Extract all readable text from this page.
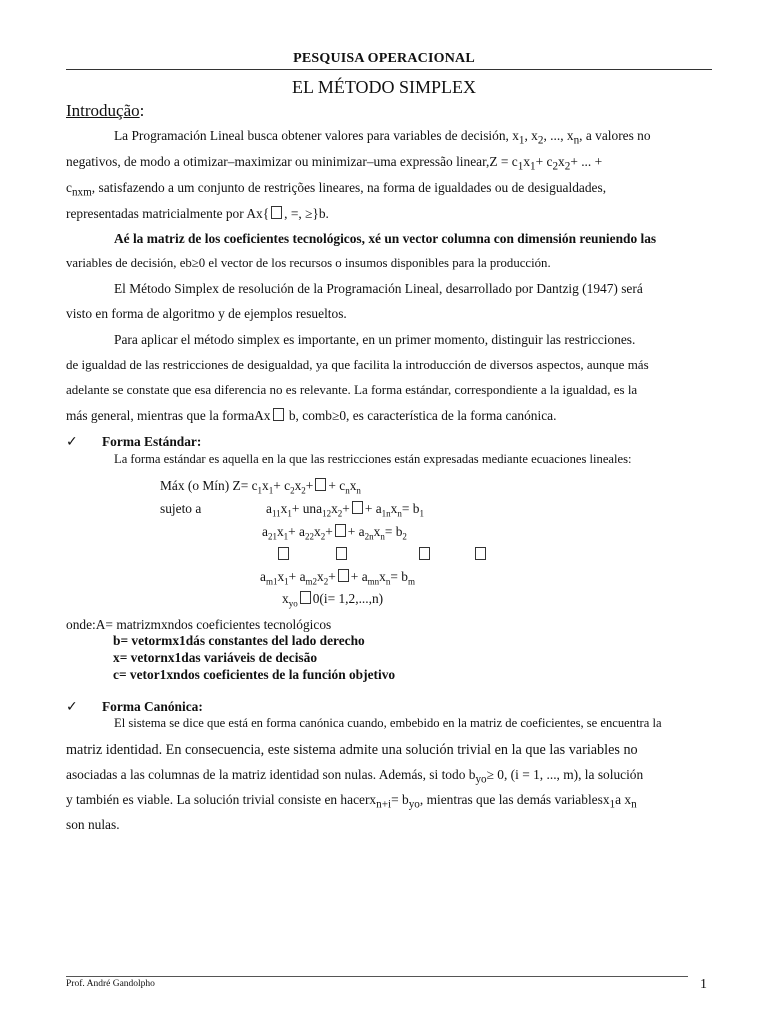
PESQUISA OPERACIONAL
EL MÉTODO SIMPLEX
Introdução:
La Programación Lineal busca obtener valores para variables de decisión, $x_1$, $x_2$, ..., $x_n$, a valores no
negativos, de modo a otimizar–maximizar ou minimizar–uma expressão linear,Z = $c_1x_1+ c_2x_2+$ ... +
$c_{nxm}$, satisfazendo a um conjunto de restrições lineares, na forma de igualdades ou de desigualdades,
representadas matricialmente por Ax{ , =, ≥}b.
Aé la matriz de los coeficientes tecnológicos, xé un vector columna con dimensión reuniendo las
variables de decisión, eb≥0 el vector de los recursos o insumos disponibles para la producción.
El Método Simplex de resolución de la Programación Lineal, desarrollado por Dantzig (1947) será
visto en forma de algoritmo y de ejemplos resueltos.
Para aplicar el método simplex es importante, en un primer momento, distinguir las restricciones.
de igualdad de las restricciones de desigualdad, ya que facilita la introducción de diversos aspectos, aunque más
adelante se constate que esa diferencia no es relevante. La forma estándar, correspondiente a la igualdad, es la
más general, mientras que la formaAx b, comb≥0, es característica de la forma canónica.
✓ Forma Estándar:
La forma estándar es aquella en la que las restricciones están expresadas mediante ecuaciones lineales:
Máx (o Mín) $Z= c_1x_1+ c_2x_2+ + c_nx_n$
sujeto a	$a_{11}x_1+ una_{12}x_2+ + a_{1n}x_n= b_1$
$a_{21}x_1+ a_{22}x_2+ + a_{2n}x_n= b_2$

$a_{m1}x_1+ a_{m2}x_2+ + a_{mn}x_n= b_m$
$x_{yo}$ 0(i= 1,2,...,n)
onde:A= matrizmxndos coeficientes tecnológicos
b= vetormx1dás constantes del lado derecho
x= vetornx1das variáveis de decisão
c= vetor1xndos coeficientes de la función objetivo
✓ Forma Canónica:
El sistema se dice que está en forma canónica cuando, embebido en la matriz de coeficientes, se encuentra la
matriz identidad. En consecuencia, este sistema admite una solución trivial en la que las variables no
asociadas a las columnas de la matriz identidad son nulas. Además, si todo $b_{yo}\ge 0$, (i = 1, ..., m), la solución
y también es viable. La solución trivial consiste en hacerx$_{n+i}$= $b_{yo}$, mientras que las demás variablesx$_1$a $x_n$
son nulas.
Prof. André Gandolpho	1
